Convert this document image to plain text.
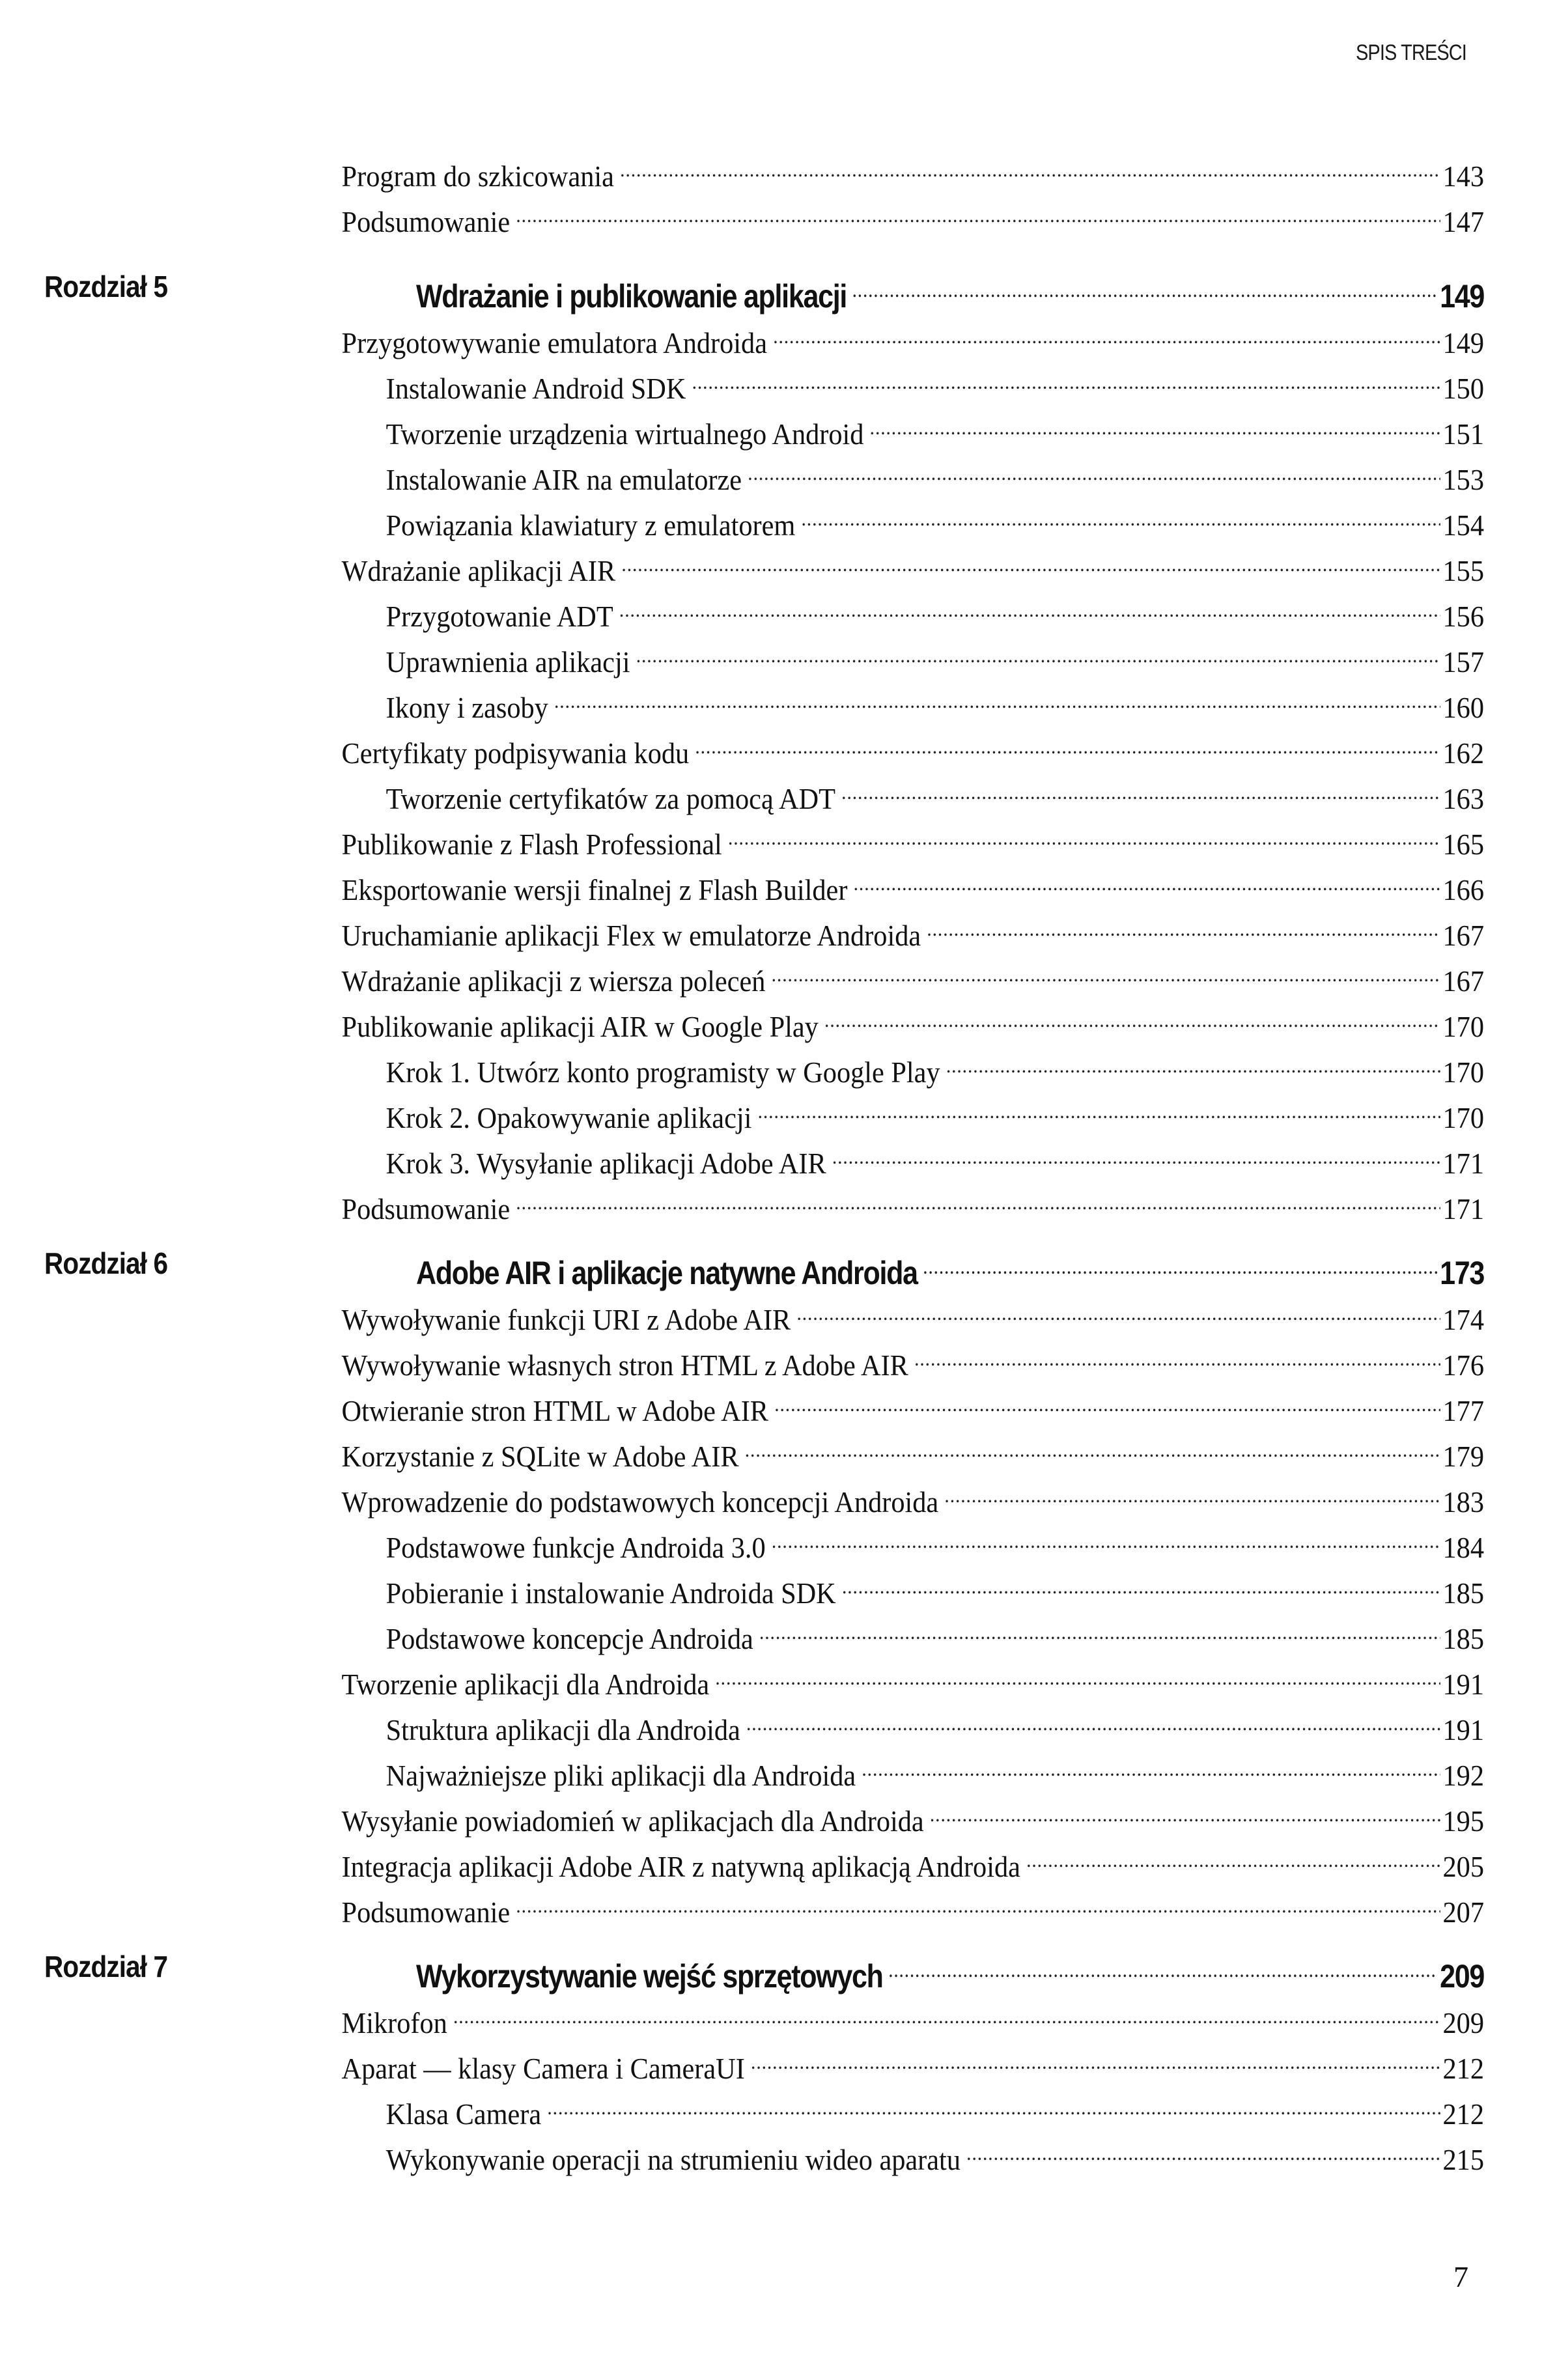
SPIS TREŚCI
Program do szkicowania .....	143
Podsumowanie .....	147
Rozdział 5	Wdrażanie i publikowanie aplikacji .....	149
Przygotowywanie emulatora Androida .....	149
Instalowanie Android SDK .....	150
Tworzenie urządzenia wirtualnego Android .....	151
Instalowanie AIR na emulatorze .....	153
Powiązania klawiatury z emulatorem .....	154
Wdrażanie aplikacji AIR .....	155
Przygotowanie ADT .....	156
Uprawnienia aplikacji .....	157
Ikony i zasoby .....	160
Certyfikaty podpisywania kodu .....	162
Tworzenie certyfikatów za pomocą ADT .....	163
Publikowanie z Flash Professional .....	165
Eksportowanie wersji finalnej z Flash Builder .....	166
Uruchamianie aplikacji Flex w emulatorze Androida .....	167
Wdrażanie aplikacji z wiersza poleceń .....	167
Publikowanie aplikacji AIR w Google Play .....	170
Krok 1. Utwórz konto programisty w Google Play .....	170
Krok 2. Opakowywanie aplikacji .....	170
Krok 3. Wysyłanie aplikacji Adobe AIR .....	171
Podsumowanie .....	171
Rozdział 6	Adobe AIR i aplikacje natywne Androida .....	173
Wywoływanie funkcji URI z Adobe AIR .....	174
Wywoływanie własnych stron HTML z Adobe AIR .....	176
Otwieranie stron HTML w Adobe AIR .....	177
Korzystanie z SQLite w Adobe AIR .....	179
Wprowadzenie do podstawowych koncepcji Androida .....	183
Podstawowe funkcje Androida 3.0 .....	184
Pobieranie i instalowanie Androida SDK .....	185
Podstawowe koncepcje Androida .....	185
Tworzenie aplikacji dla Androida .....	191
Struktura aplikacji dla Androida .....	191
Najważniejsze pliki aplikacji dla Androida .....	192
Wysyłanie powiadomień w aplikacjach dla Androida .....	195
Integracja aplikacji Adobe AIR z natywną aplikacją Androida .....	205
Podsumowanie .....	207
Rozdział 7	Wykorzystywanie wejść sprzętowych .....	209
Mikrofon .....	209
Aparat — klasy Camera i CameraUI .....	212
Klasa Camera .....	212
Wykonywanie operacji na strumieniu wideo aparatu .....	215
7
